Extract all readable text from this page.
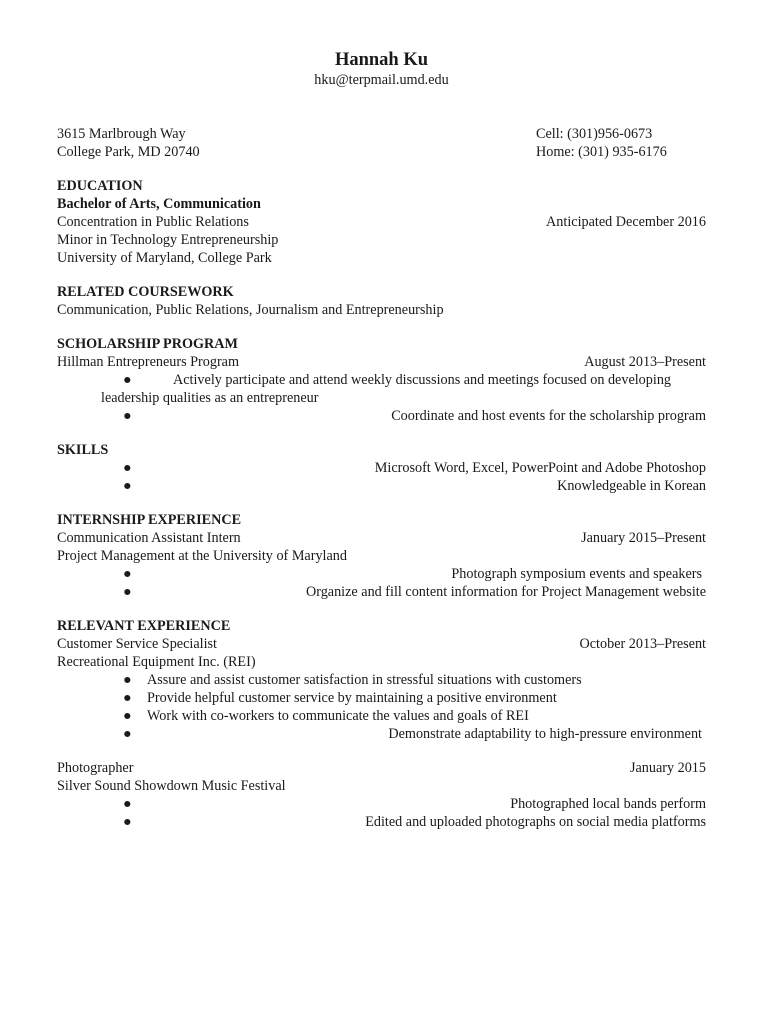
Hannah Ku
hku@terpmail.umd.edu
3615 Marlbrough Way	Cell: (301)956-0673
College Park, MD 20740	Home: (301) 935-6176
EDUCATION
Bachelor of Arts, Communication
Concentration in Public Relations	Anticipated December 2016
Minor in Technology Entrepreneurship
University of Maryland, College Park
RELATED COURSEWORK
Communication, Public Relations, Journalism and Entrepreneurship
SCHOLARSHIP PROGRAM
Hillman Entrepreneurs Program	August 2013–Present
●	Actively participate and attend weekly discussions and meetings focused on developing
leadership qualities as an entrepreneur
●	Coordinate and host events for the scholarship program
SKILLS
●	Microsoft Word, Excel, PowerPoint and Adobe Photoshop
●	Knowledgeable in Korean
INTERNSHIP EXPERIENCE
Communication Assistant Intern	January 2015–Present
Project Management at the University of Maryland
●	Photograph symposium events and speakers
●	Organize and fill content information for Project Management website
RELEVANT EXPERIENCE
Customer Service Specialist	October 2013–Present
Recreational Equipment Inc. (REI)
● Assure and assist customer satisfaction in stressful situations with customers
● Provide helpful customer service by maintaining a positive environment
● Work with co-workers to communicate the values and goals of REI
●	Demonstrate adaptability to high-pressure environment
Photographer	January 2015
Silver Sound Showdown Music Festival
●	Photographed local bands perform
●	Edited and uploaded photographs on social media platforms
